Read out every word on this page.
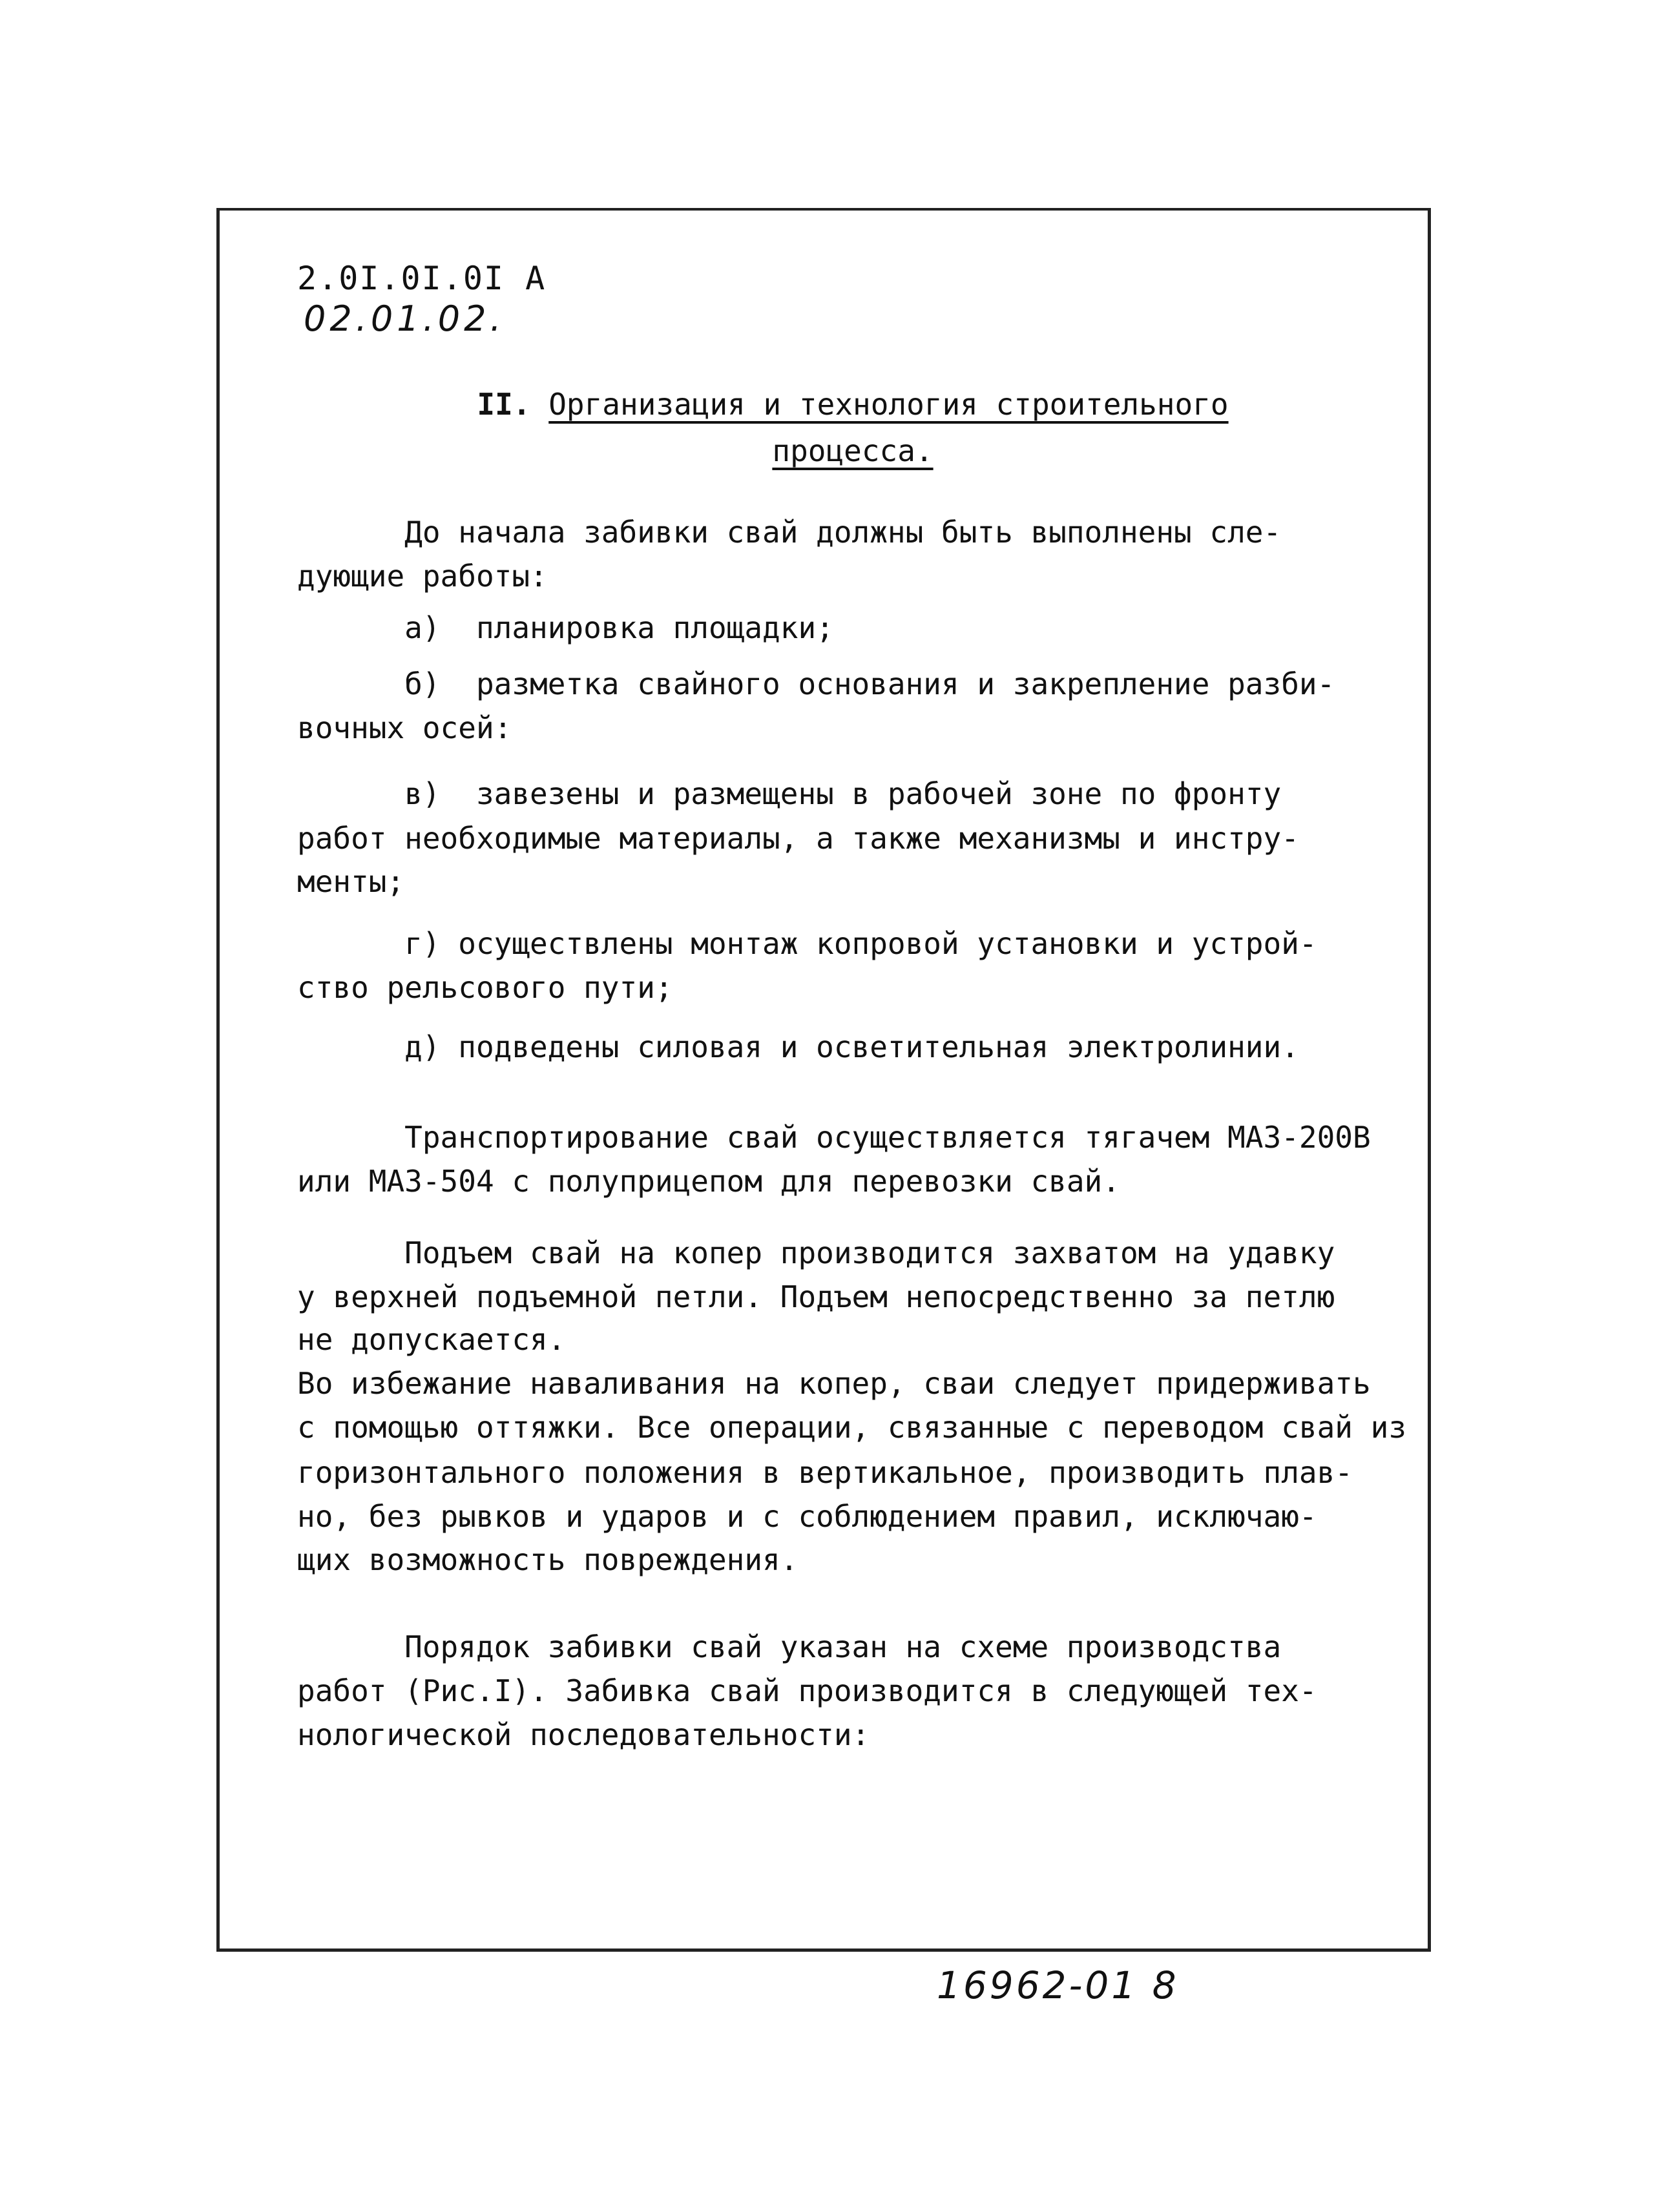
2.0I.0I.0I А
02.01.02.
II. Организация и технология строительного
процесса.
До начала забивки свай должны быть выполнены сле-
дующие работы:
а)  планировка площадки;
б)  разметка свайного основания и закрепление разби-
вочных осей:
в)  завезены и размещены в рабочей зоне по фронту
работ необходимые материалы, а также механизмы и инстру-
менты;
г) осуществлены монтаж копровой установки и устрой-
ство рельсового пути;
д) подведены силовая и осветительная электролинии.
Транспортирование свай осуществляется тягачем МАЗ-200В
или МАЗ-504 с полуприцепом для перевозки свай.
Подъем свай на копер производится захватом на удавку
у верхней подъемной петли. Подъем непосредственно за петлю
не допускается.
Во избежание наваливания на копер, сваи следует придерживать
с помощью оттяжки. Все операции, связанные с переводом свай из
горизонтального положения в вертикальное, производить плав-
но, без рывков и ударов и с соблюдением правил, исключаю-
щих возможность повреждения.
Порядок забивки свай указан на схеме производства
работ (Рис.I). Забивка свай производится в следующей тех-
нологической последовательности:
16962-01 8
